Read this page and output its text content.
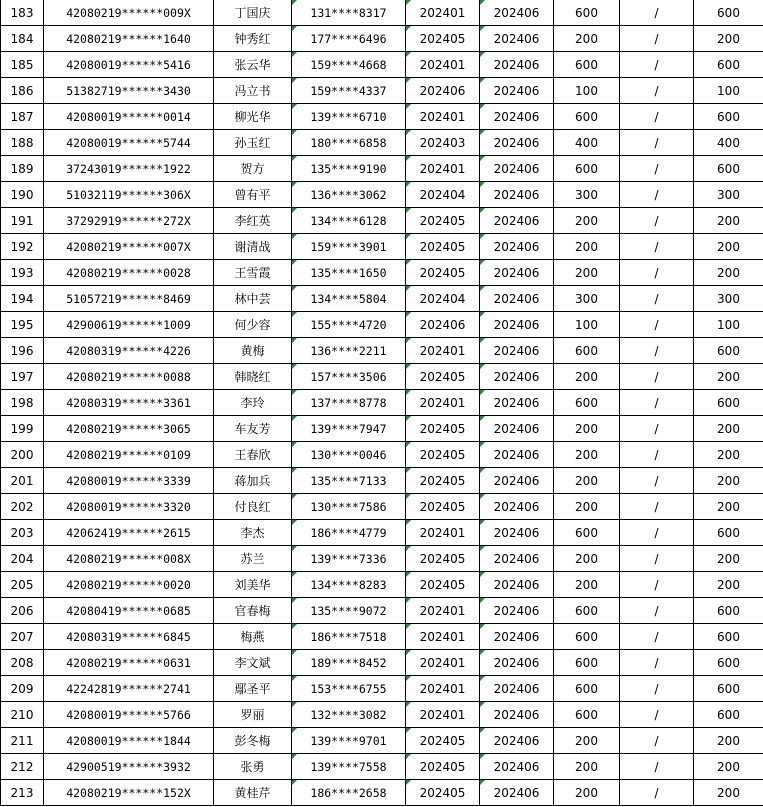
183	42080219******009X	丁国庆	131****8317	202401	202406	600	/	600
184	42080219******1640	钟秀红	177****6496	202405	202406	200	/	200
185	42080019******5416	张云华	159****4668	202401	202406	600	/	600
186	51382719******3430	冯立书	159****4337	202406	202406	100	/	100
187	42080019******0014	柳光华	139****6710	202401	202406	600	/	600
188	42080019******5744	孙玉红	180****6858	202403	202406	400	/	400
189	37243019******1922	贺方	135****9190	202401	202406	600	/	600
190	51032119******306X	曾有平	136****3062	202404	202406	300	/	300
191	37292919******272X	李红英	134****6128	202405	202406	200	/	200
192	42080219******007X	谢清战	159****3901	202405	202406	200	/	200
193	42080219******0028	王雪霞	135****1650	202405	202406	200	/	200
194	51057219******8469	林中芸	134****5804	202404	202406	300	/	300
195	42900619******1009	何少容	155****4720	202406	202406	100	/	100
196	42080319******4226	黄梅	136****2211	202401	202406	600	/	600
197	42080219******0088	韩晓红	157****3506	202405	202406	200	/	200
198	42080319******3361	李玲	137****8778	202401	202406	600	/	600
199	42080219******3065	车友芳	139****7947	202405	202406	200	/	200
200	42080219******0109	王春欣	130****0046	202405	202406	200	/	200
201	42080019******3339	蒋加兵	135****7133	202405	202406	200	/	200
202	42080019******3320	付良红	130****7586	202405	202406	200	/	200
203	42062419******2615	李杰	186****4779	202401	202406	600	/	600
204	42080219******008X	苏兰	139****7336	202405	202406	200	/	200
205	42080219******0020	刘美华	134****8283	202405	202406	200	/	200
206	42080419******0685	官春梅	135****9072	202401	202406	600	/	600
207	42080319******6845	梅燕	186****7518	202401	202406	600	/	600
208	42080219******0631	李文斌	189****8452	202401	202406	600	/	600
209	42242819******2741	鄢圣平	153****6755	202401	202406	600	/	600
210	42080019******5766	罗丽	132****3082	202401	202406	600	/	600
211	42080019******1844	彭冬梅	139****9701	202405	202406	200	/	200
212	42900519******3932	张勇	139****7558	202405	202406	200	/	200
213	42080219******152X	黄桂芹	186****2658	202405	202406	200	/	200
